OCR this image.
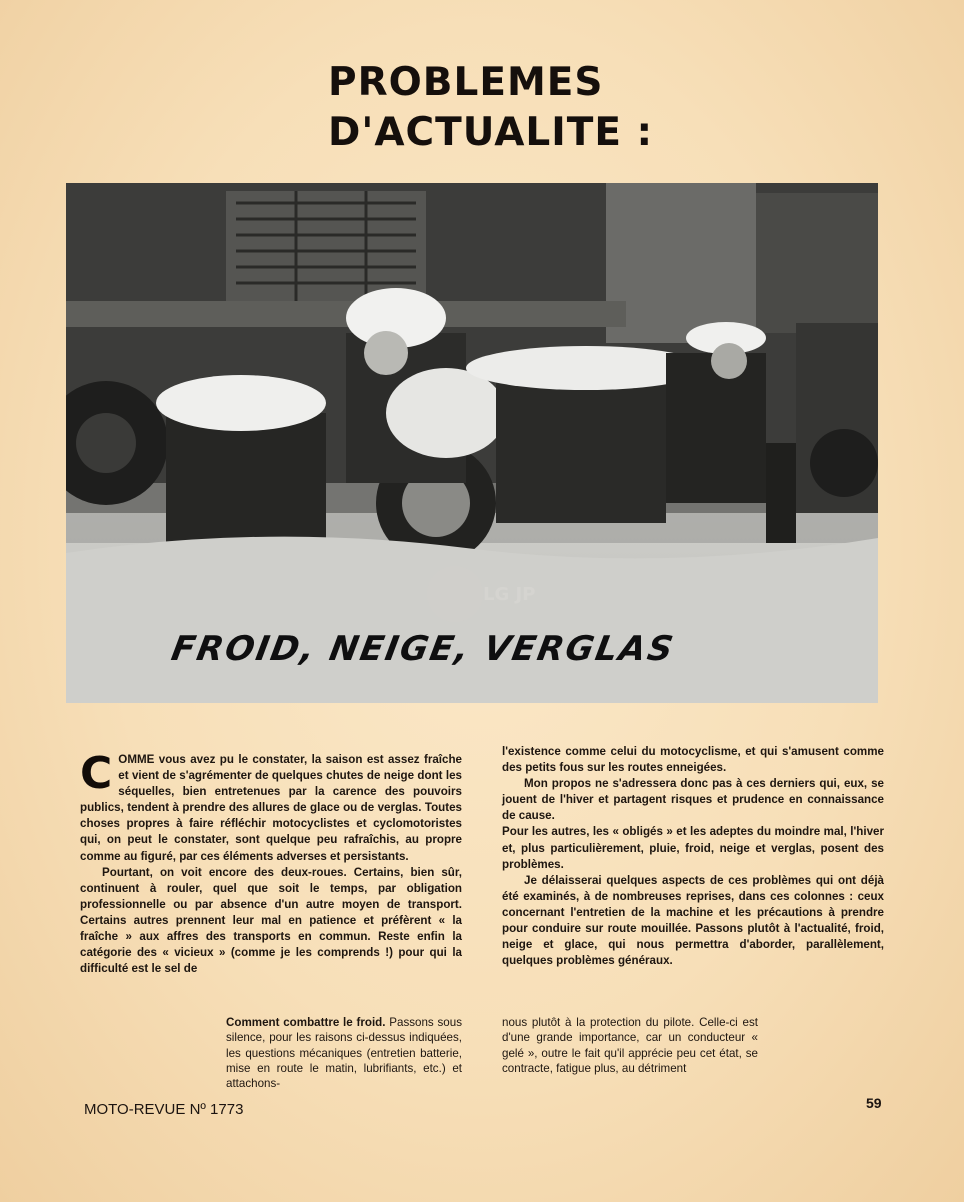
PROBLEMES
D'ACTUALITE :
LG JP
FROID, NEIGE, VERGLAS

COMME vous avez pu le constater, la saison est assez fraîche et vient de s'agrémenter de quelques chutes de neige dont les séquelles, bien entretenues par la carence des pouvoirs publics, tendent à prendre des allures de glace ou de verglas. Toutes choses propres à faire réfléchir motocyclistes et cyclomotoristes qui, on peut le constater, sont quelque peu rafraîchis, au propre comme au figuré, par ces éléments adverses et persistants.

Pourtant, on voit encore des deux-roues. Certains, bien sûr, continuent à rouler, quel que soit le temps, par obligation professionnelle ou par absence d'un autre moyen de transport. Certains autres prennent leur mal en patience et préfèrent « la fraîche » aux affres des transports en commun. Reste enfin la catégorie des « vicieux » (comme je les comprends !) pour qui la difficulté est le sel de

l'existence comme celui du motocyclisme, et qui s'amusent comme des petits fous sur les routes enneigées.

Mon propos ne s'adressera donc pas à ces derniers qui, eux, se jouent de l'hiver et partagent risques et prudence en connaissance de cause.

Pour les autres, les « obligés » et les adeptes du moindre mal, l'hiver et, plus particulièrement, pluie, froid, neige et verglas, posent des problèmes.

Je délaisserai quelques aspects de ces problèmes qui ont déjà été examinés, à de nombreuses reprises, dans ces colonnes : ceux concernant l'entretien de la machine et les précautions à prendre pour conduire sur route mouillée. Passons plutôt à l'actualité, froid, neige et glace, qui nous permettra d'aborder, parallèlement, quelques problèmes généraux.

Comment combattre le froid. Passons sous silence, pour les raisons ci-dessus indiquées, les questions mécaniques (entretien batterie, mise en route le matin, lubrifiants, etc.) et attachons-
nous plutôt à la protection du pilote. Celle-ci est d'une grande importance, car un conducteur « gelé », outre le fait qu'il apprécie peu cet état, se contracte, fatigue plus, au détriment

MOTO-REVUE Nº 1773	59
